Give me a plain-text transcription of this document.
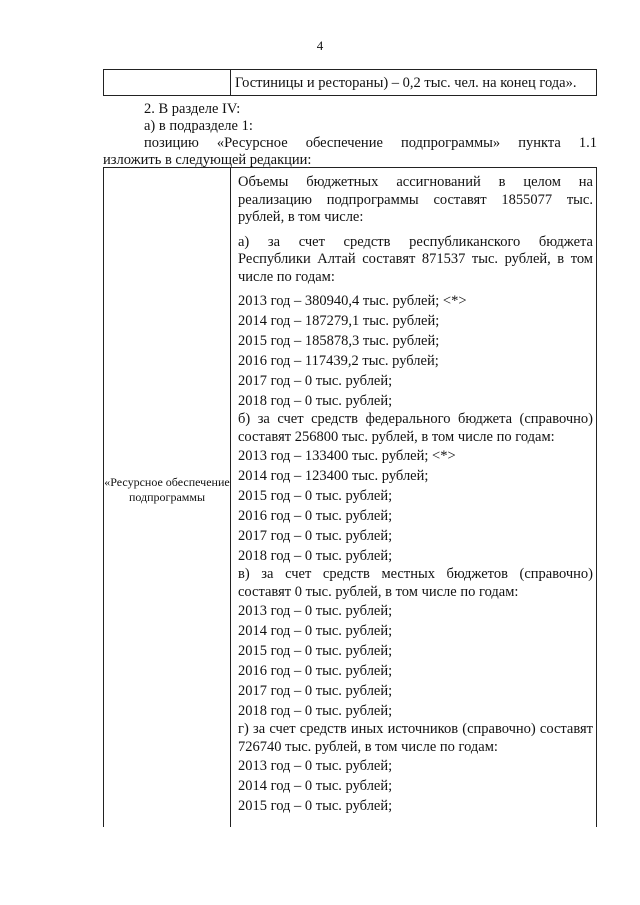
4
Гостиницы и рестораны) – 0,2 тыс. чел. на конец года».
2. В разделе IV:
а) в подразделе 1:
позицию «Ресурсное обеспечение подпрограммы» пункта 1.1
изложить в следующей редакции:
«Ресурсное обеспечение подпрограммы

Объемы бюджетных ассигнований в целом на реализацию подпрограммы составят 1855077 тыс. рублей, в том числе:

а) за счет средств республиканского бюджета Республики Алтай составят 871537 тыс. рублей, в том числе по годам:

2013 год – 380940,4 тыс. рублей; <*>

2014 год – 187279,1 тыс. рублей;

2015 год – 185878,3 тыс. рублей;

2016 год – 117439,2 тыс. рублей;

2017 год – 0 тыс. рублей;

2018 год – 0 тыс. рублей;

б) за счет средств федерального бюджета (справочно) составят 256800 тыс. рублей, в том числе по годам:

2013 год – 133400 тыс. рублей; <*>

2014 год – 123400 тыс. рублей;

2015 год – 0 тыс. рублей;

2016 год – 0 тыс. рублей;

2017 год – 0 тыс. рублей;

2018 год – 0 тыс. рублей;

в) за счет средств местных бюджетов (справочно) составят 0 тыс. рублей, в том числе по годам:

2013 год – 0 тыс. рублей;

2014 год – 0 тыс. рублей;

2015 год – 0 тыс. рублей;

2016 год – 0 тыс. рублей;

2017 год – 0 тыс. рублей;

2018 год – 0 тыс. рублей;

г) за счет средств иных источников (справочно) составят 726740 тыс. рублей, в том числе по годам:

2013 год – 0 тыс. рублей;

2014 год – 0 тыс. рублей;

2015 год – 0 тыс. рублей;
